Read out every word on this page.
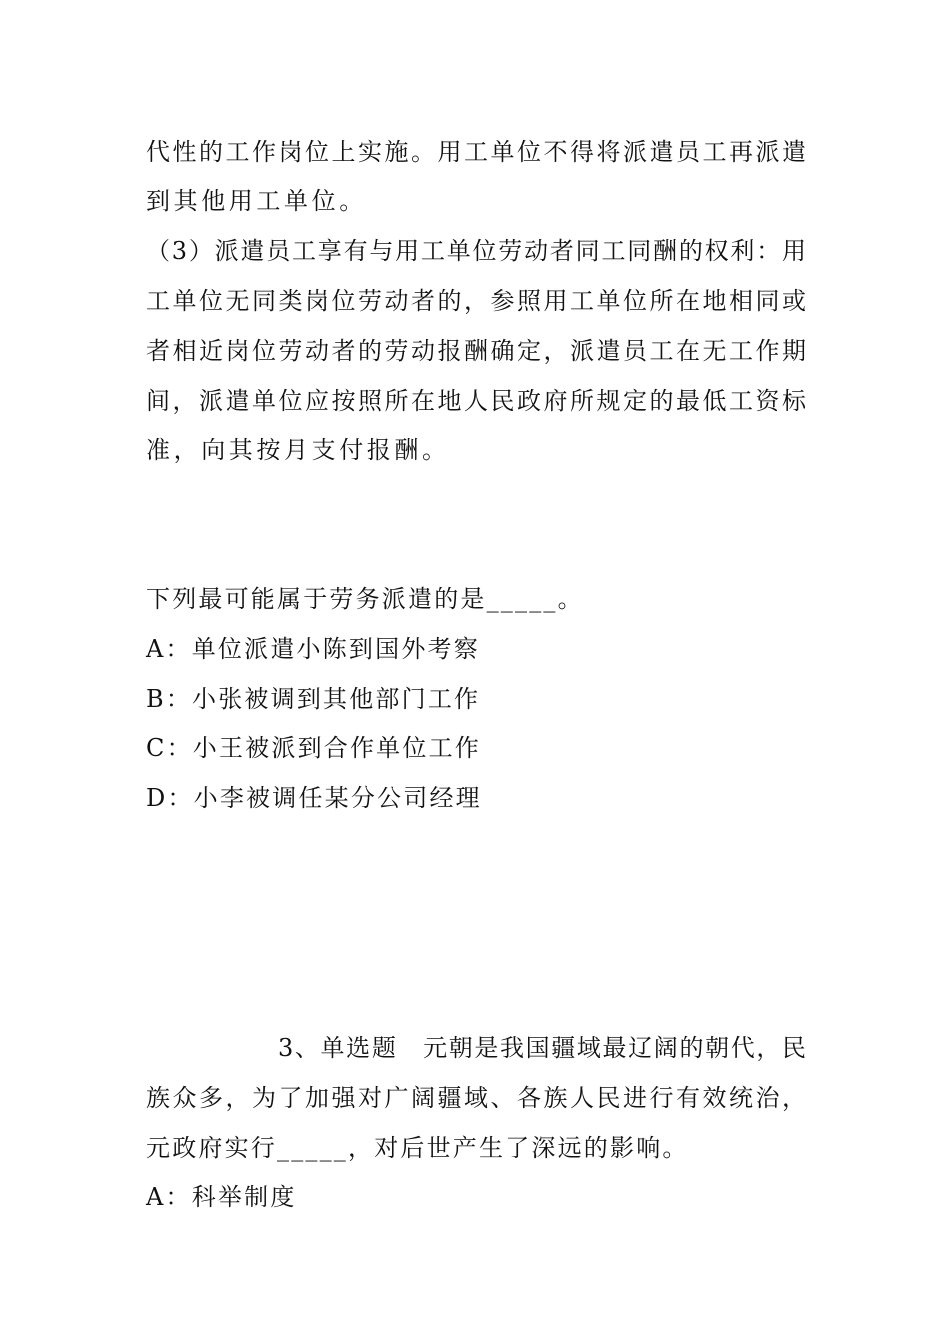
代性的工作岗位上实施。用工单位不得将派遣员工再派遣
到其他用工单位。
（3）派遣员工享有与用工单位劳动者同工同酬的权利：用
工单位无同类岗位劳动者的，参照用工单位所在地相同或
者相近岗位劳动者的劳动报酬确定，派遣员工在无工作期
间，派遣单位应按照所在地人民政府所规定的最低工资标
准，向其按月支付报酬。
下列最可能属于劳务派遣的是_____。
A：单位派遣小陈到国外考察
B：小张被调到其他部门工作
C：小王被派到合作单位工作
D：小李被调任某分公司经理
3、单选题　元朝是我国疆域最辽阔的朝代，民
族众多，为了加强对广阔疆域、各族人民进行有效统治，
元政府实行_____，对后世产生了深远的影响。
A：科举制度
